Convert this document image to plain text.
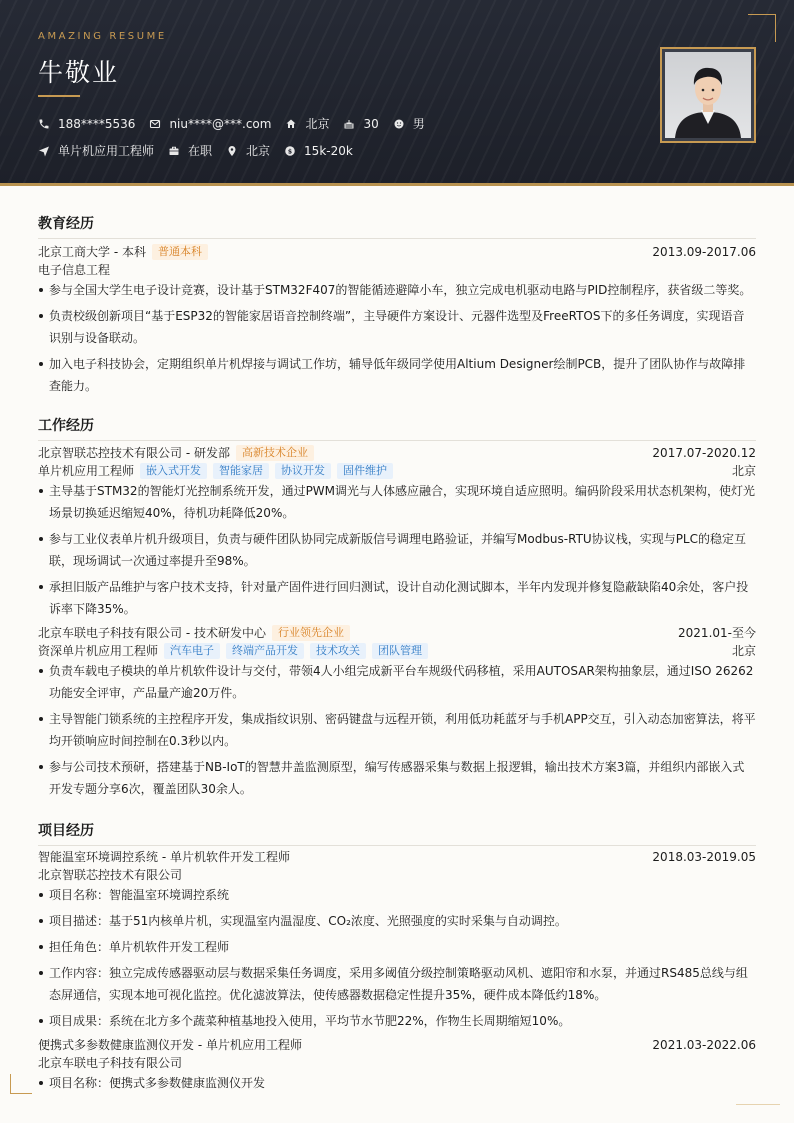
AMAZING RESUME
牛敬业
188****5536	niu****@***.com	北京	30	男
单片机应用工程师	在职	北京 $ 15k-20k
教育经历
北京工商大学 - 本科	普通本科	2013.09-2017.06
电子信息工程
参与全国大学生电子设计竞赛，设计基于STM32F407的智能循迹避障小车，独立完成电机驱动电路与PID控制程序，获省级二等奖。
负责校级创新项目“基于ESP32的智能家居语音控制终端”，主导硬件方案设计、元器件选型及FreeRTOS下的多任务调度，实现语音识别与设备联动。
加入电子科技协会，定期组织单片机焊接与调试工作坊，辅导低年级同学使用Altium Designer绘制PCB，提升了团队协作与故障排查能力。
工作经历
北京智联芯控技术有限公司 - 研发部	高新技术企业	2017.07-2020.12
单片机应用工程师	嵌入式开发	智能家居	协议开发	固件维护	北京
主导基于STM32的智能灯光控制系统开发，通过PWM调光与人体感应融合，实现环境自适应照明。编码阶段采用状态机架构，使灯光场景切换延迟缩短40%，待机功耗降低20%。
参与工业仪表单片机升级项目，负责与硬件团队协同完成新版信号调理电路验证，并编写Modbus-RTU协议栈，实现与PLC的稳定互联，现场调试一次通过率提升至98%。
承担旧版产品维护与客户技术支持，针对量产固件进行回归测试，设计自动化测试脚本，半年内发现并修复隐蔽缺陷40余处，客户投诉率下降35%。
北京车联电子科技有限公司 - 技术研发中心	行业领先企业	2021.01-至今
资深单片机应用工程师	汽车电子	终端产品开发	技术攻关	团队管理	北京
负责车载电子模块的单片机软件设计与交付，带领4人小组完成新平台车规级代码移植，采用AUTOSAR架构抽象层，通过ISO 26262功能安全评审，产品量产逾20万件。
主导智能门锁系统的主控程序开发，集成指纹识别、密码键盘与远程开锁，利用低功耗蓝牙与手机APP交互，引入动态加密算法，将平均开锁响应时间控制在0.3秒以内。
参与公司技术预研，搭建基于NB-IoT的智慧井盖监测原型，编写传感器采集与数据上报逻辑，输出技术方案3篇，并组织内部嵌入式开发专题分享6次，覆盖团队30余人。
项目经历
智能温室环境调控系统 - 单片机软件开发工程师	2018.03-2019.05
北京智联芯控技术有限公司
项目名称：智能温室环境调控系统
项目描述：基于51内核单片机，实现温室内温湿度、CO₂浓度、光照强度的实时采集与自动调控。
担任角色：单片机软件开发工程师
工作内容：独立完成传感器驱动层与数据采集任务调度，采用多阈值分级控制策略驱动风机、遮阳帘和水泵，并通过RS485总线与组态屏通信，实现本地可视化监控。优化滤波算法，使传感器数据稳定性提升35%，硬件成本降低约18%。
项目成果：系统在北方多个蔬菜种植基地投入使用，平均节水节肥22%，作物生长周期缩短10%。
便携式多参数健康监测仪开发 - 单片机应用工程师	2021.03-2022.06
北京车联电子科技有限公司
项目名称：便携式多参数健康监测仪开发
